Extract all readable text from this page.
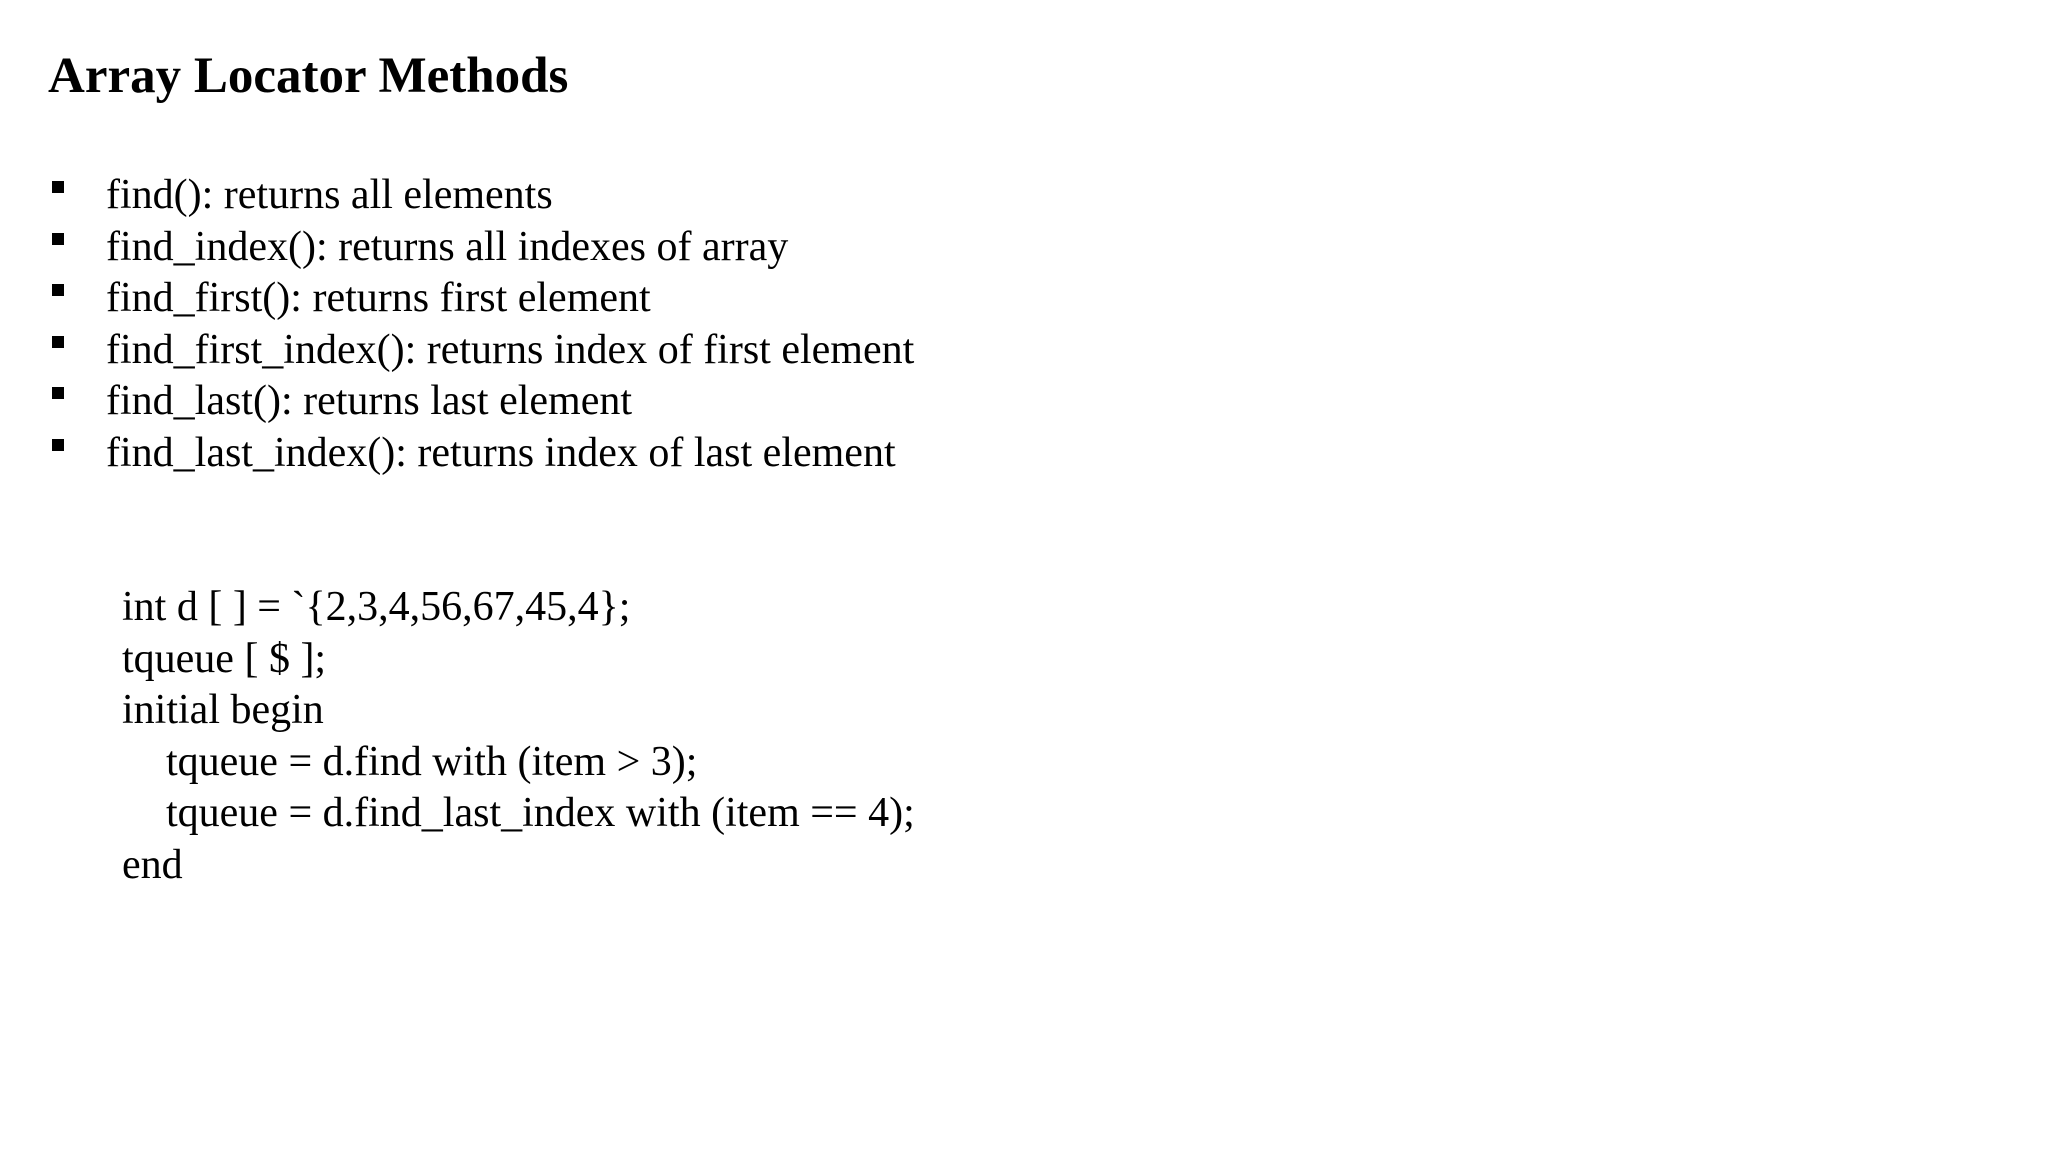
Array Locator Methods
find(): returns all elements
find_index(): returns all indexes of array
find_first(): returns first element
find_first_index(): returns index of first element
find_last(): returns last element
find_last_index(): returns index of last element
int d [ ] = `{2,3,4,56,67,45,4};
tqueue [ $ ];
initial begin
tqueue = d.find with (item > 3);
tqueue = d.find_last_index with (item == 4);
end
